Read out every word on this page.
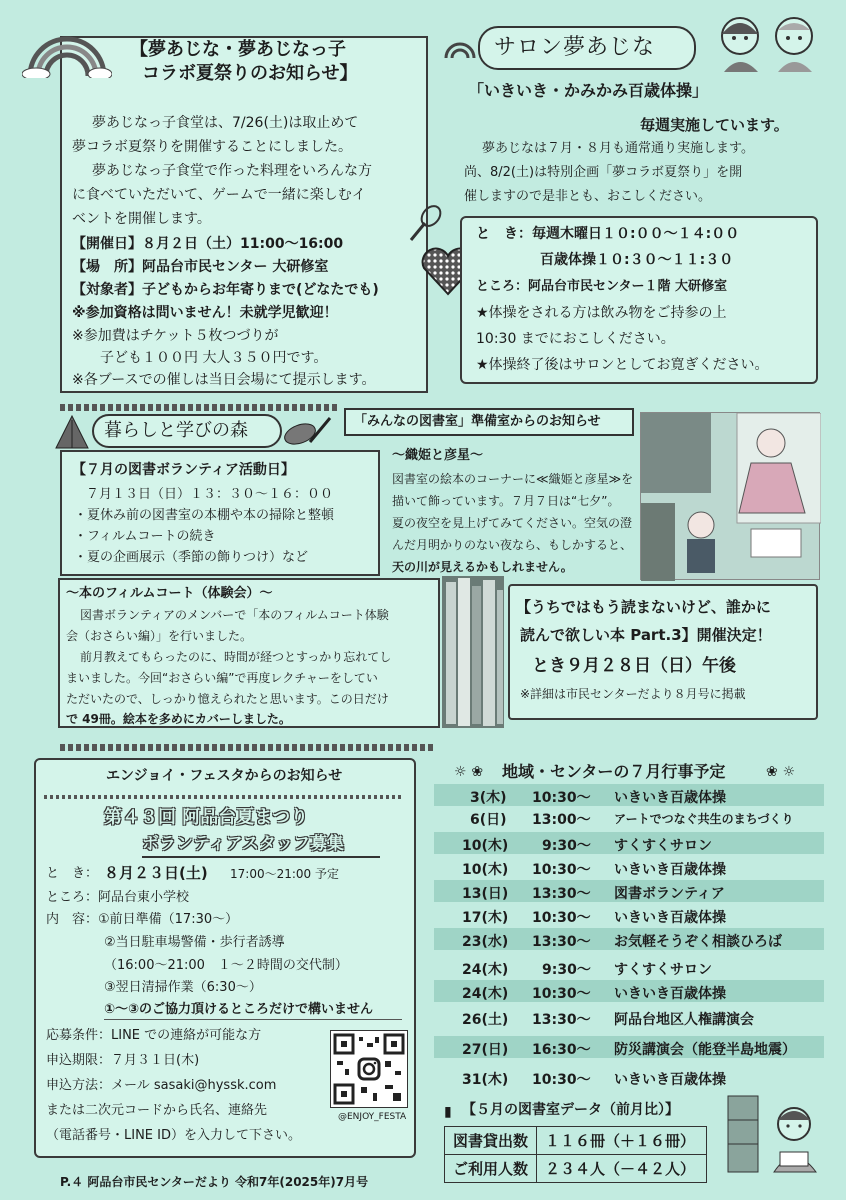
【夢あじな・夢あじなっ子
コラボ夏祭りのお知らせ】
夢あじなっ子食堂は、7/26(土)は取止めて
夢コラボ夏祭りを開催することにしました。
夢あじなっ子食堂で作った料理をいろんな方
に食べていただいて、ゲームで一緒に楽しむイ
ベントを開催します。
【開催日】８月２日（土）11:00～16:00
【場　所】阿品台市民センター 大研修室
【対象者】子どもからお年寄りまで(どなたでも)
※参加資格は問いません！未就学児歓迎！
※参加費はチケット５枚つづりが
子ども１００円 大人３５０円です。
※各ブースでの催しは当日会場にて提示します。
サロン夢あじな
「いきいき・かみかみ百歳体操」
毎週実施しています。
夢あじなは７月・８月も通常通り実施します。
尚、8/2(土)は特別企画「夢コラボ夏祭り」を開
催しますので是非とも、おこしください。
と　き：毎週木曜日１０:００～１４:００
百歳体操１０:３０～１１:３０
ところ：阿品台市民センター１階 大研修室
★体操をされる方は飲み物をご持参の上
10:30 までにおこしください。
★体操終了後はサロンとしてお寛ぎください。
暮らしと学びの森
【７月の図書ボランティア活動日】
７月１３日（日）１３：３０～１６：００
・夏休み前の図書室の本棚や本の掃除と整頓
・フィルムコートの続き
・夏の企画展示（季節の飾りつけ）など
「みんなの図書室」準備室からのお知らせ
～織姫と彦星～
図書室の絵本のコーナーに≪織姫と彦星≫を
描いて飾っています。７月７日は“七夕”。
夏の夜空を見上げてみてください。空気の澄
んだ月明かりのない夜なら、もしかすると、
天の川が見えるかもしれません。
～本のフィルムコート（体験会）～
図書ボランティアのメンバーで「本のフィルムコート体験
会（おさらい編）」を行いました。
前月教えてもらったのに、時間が経つとすっかり忘れてし
まいました。今回“おさらい編”で再度レクチャーをしてい
ただいたので、しっかり憶えられたと思います。この日だけ
で 49冊。絵本を多めにカバーしました。
【うちではもう読まないけど、誰かに
読んで欲しい本 Part.3】開催決定！
とき９月２８日（日）午後
※詳細は市民センターだより８月号に掲載
エンジョイ・フェスタからのお知らせ
第４３回 阿品台夏まつり
ボランティアスタッフ募集
と　き： ８月２３日(土) 17:00～21:00 予定
ところ：阿品台東小学校
内　容：①前日準備（17:30～）
②当日駐車場警備・歩行者誘導
（16:00～21:00　１～２時間の交代制）
③翌日清掃作業（6:30～）
①～③のご協力頂けるところだけで構いません
応募条件：LINE での連絡が可能な方
申込期限：７月３１日(木)
申込方法：メール sasaki@hyssk.com
または二次元コードから氏名、連絡先
（電話番号・LINE ID）を入力して下さい。
@ENJOY_FESTA
☼ ❀ 地域・センターの７月行事予定	❀ ☼
3(木) 10:30～ いきいき百歳体操
6(日) 13:00～ アートでつなぐ共生のまちづくり
10(木) 9:30～ すくすくサロン
10(木) 10:30～ いきいき百歳体操
13(日) 13:30～ 図書ボランティア
17(木) 10:30～ いきいき百歳体操
23(水) 13:30～ お気軽そうぞく相談ひろば
24(木) 9:30～ すくすくサロン
24(木) 10:30～ いきいき百歳体操
26(土) 13:30～ 阿品台地区人権講演会
27(日) 16:30～ 防災講演会（能登半島地震）
31(木) 10:30～ いきいき百歳体操
▮ 【５月の図書室データ（前月比）】
図書貸出数	１１６冊（＋１６冊）
ご利用人数	２３４人（－４２人）
P.４ 阿品台市民センターだより 令和7年(2025年)7月号
